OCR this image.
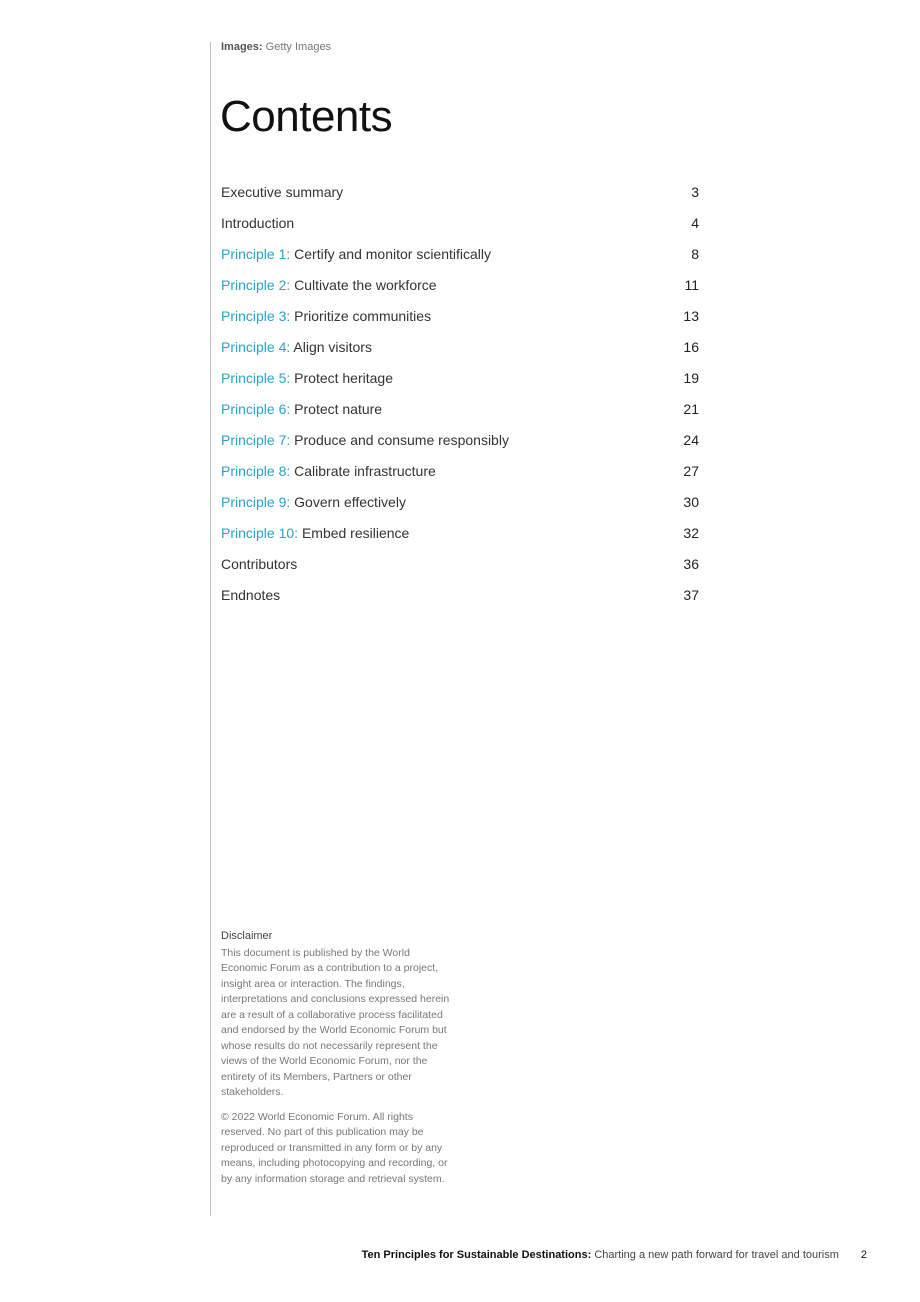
Images: Getty Images
Contents
Executive summary	3
Introduction	4
Principle 1: Certify and monitor scientifically	8
Principle 2: Cultivate the workforce	11
Principle 3: Prioritize communities	13
Principle 4: Align visitors	16
Principle 5: Protect heritage	19
Principle 6: Protect nature	21
Principle 7: Produce and consume responsibly	24
Principle 8: Calibrate infrastructure	27
Principle 9: Govern effectively	30
Principle 10: Embed resilience	32
Contributors	36
Endnotes	37
Disclaimer

This document is published by the World Economic Forum as a contribution to a project, insight area or interaction. The findings, interpretations and conclusions expressed herein are a result of a collaborative process facilitated and endorsed by the World Economic Forum but whose results do not necessarily represent the views of the World Economic Forum, nor the entirety of its Members, Partners or other stakeholders.

© 2022 World Economic Forum. All rights reserved. No part of this publication may be reproduced or transmitted in any form or by any means, including photocopying and recording, or by any information storage and retrieval system.

Ten Principles for Sustainable Destinations: Charting a new path forward for travel and tourism 2
